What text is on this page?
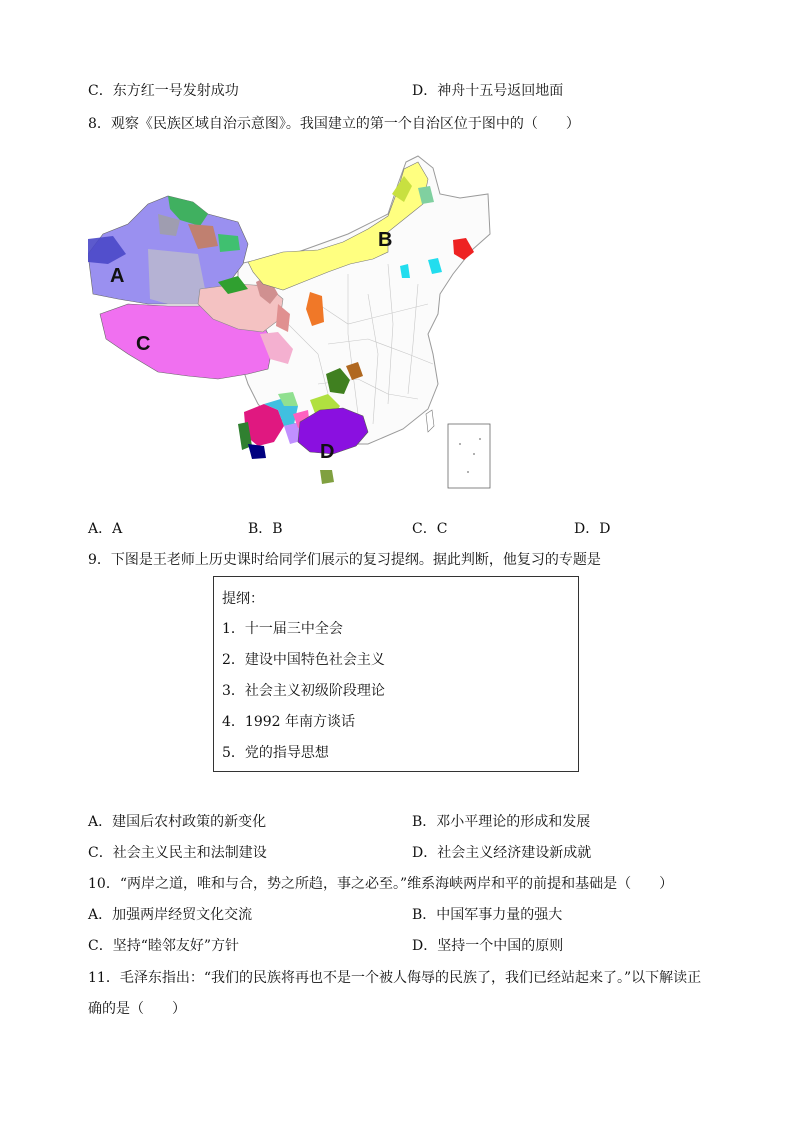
C．东方红一号发射成功	D．神舟十五号返回地面
8．观察《民族区域自治示意图》。我国建立的第一个自治区位于图中的（　　）
A
B
C
D
A．A	B．B	C．C	D．D
9．下图是王老师上历史课时给同学们展示的复习提纲。据此判断，他复习的专题是
提纲：
1．十一届三中全会
2．建设中国特色社会主义
3．社会主义初级阶段理论
4．1992 年南方谈话
5．党的指导思想
A．建国后农村政策的新变化	B．邓小平理论的形成和发展
C．社会主义民主和法制建设	D．社会主义经济建设新成就
10．“两岸之道，唯和与合，势之所趋，事之必至。”维系海峡两岸和平的前提和基础是（　　）
A．加强两岸经贸文化交流	B．中国军事力量的强大
C．坚持“睦邻友好”方针	D．坚持一个中国的原则
11．毛泽东指出：“我们的民族将再也不是一个被人侮辱的民族了，我们已经站起来了。”以下解读正
确的是（　　）
